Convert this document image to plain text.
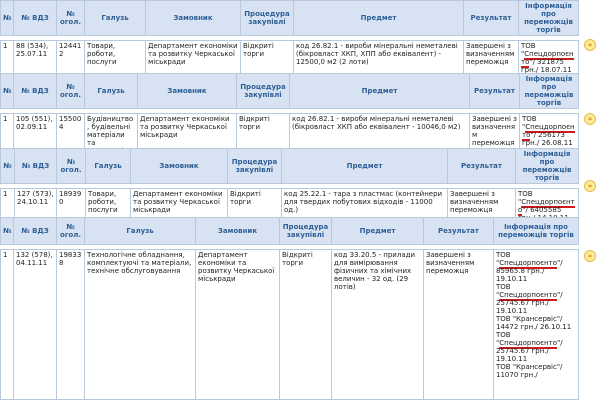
№	№ ВДЗ	№ огол.	Галузь	Замовник	Процедура закупівлі	Предмет	Результат	Інформація про переможців торгів

1	88 (534), 25.07.11	124412	Товари, роботи, послуги	Департамент економіки та розвитку Черкаської міськради	Відкриті торги	код 26.82.1 - вироби мінеральні неметалеві (бікровласт ХКП, ХПП або еквівалент) - 12500,0 м2 (2 лоти)	Завершені з визначенням переможця	ТОВ "Спецдорпоєнто"/ 321875 грн./ 18.07.11
»
№	№ ВДЗ	№ огол.	Галузь	Замовник	Процедура закупівлі	Предмет	Результат	Інформація про переможців торгів

1	105 (551), 02.09.11	155004	Будівництво, будівельні матеріали та	Департамент економіки та розвитку Черкаської міськради	Відкриті торги	код 26.82.1 - вироби мінеральні неметалеві (бікровласт ХКП або еквівалент - 10046,0 м2)	Завершені з визначенням переможця	ТОВ "Спецдорпоєнто"/ 256173 грн./ 26.08.11
»
№	№ ВДЗ	№ огол.	Галузь	Замовник	Процедура закупівлі	Предмет	Результат	Інформація про переможців торгів

1	127 (573), 24.10.11	189390	Товари, роботи, послуги	Департамент економіки та розвитку Черкаської міськради	Відкриті торги	код 25.22.1 - тара з пластмас (контейнери для твердих побутових відходів - 11000 од.)	Завершені з визначенням переможця	ТОВ "Спецдорпоєнто"/ 6405585
»
№	№ ВДЗ	№ огол.	Галузь	Замовник	Процедура закупівлі	Предмет	Результат	Інформація про переможців торгів

1	132 (578), 04.11.11	198338	Технологічне обладнання, комплектуючі та матеріали, технічне обслуговування	Департамент економіки та розвитку Черкаської міськради	Відкриті торги	код 33.20.5 - прилади для вимірювання фізичних та хімічних величин - 32 од. (29 лотів)	Завершені з визначенням переможця	ТОВ "Спецдорпоєнто"/ 85965.8 грн./ 19.10.11
ТОВ "Спецдорпоєнто"/ 25745.67 грн./ 19.10.11
ТОВ "Крансервіс"/ 14472 грн./ 26.10.11
ТОВ "Спецдорпоєнто"/ 25745.67 грн./ 19.10.11
ТОВ "Крансервіс"/ 11070 грн./
»
